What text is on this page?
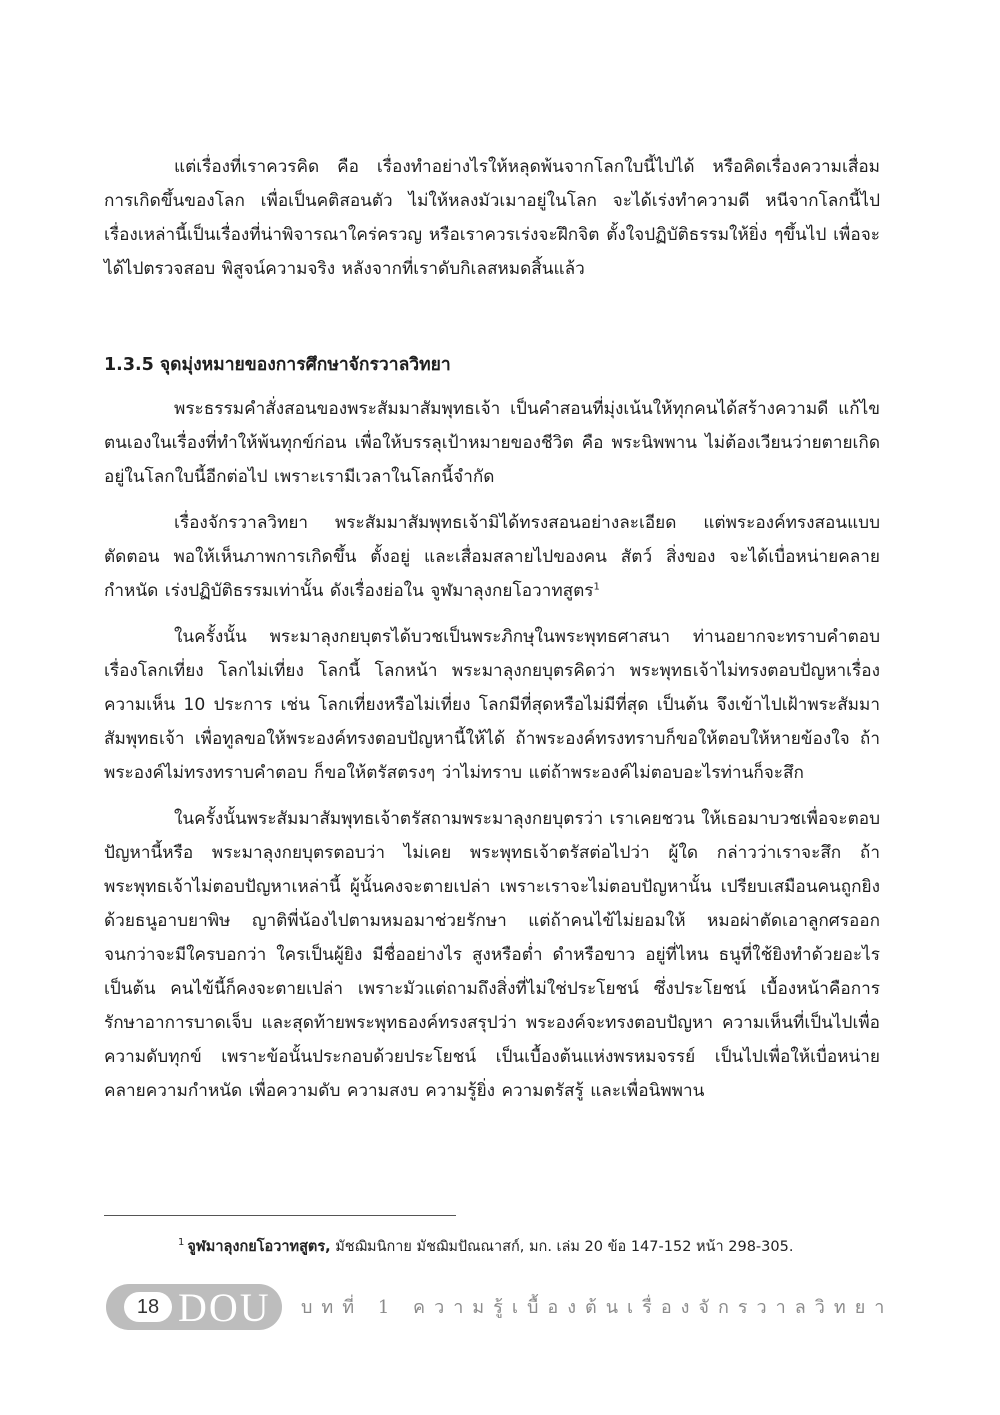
แต่เรื่องที่เราควรคิด คือ เรื่องทำอย่างไรให้หลุดพ้นจากโลกใบนี้ไปได้ หรือคิดเรื่องความเสื่อม การเกิดขึ้นของโลก เพื่อเป็นคติสอนตัว ไม่ให้หลงมัวเมาอยู่ในโลก จะได้เร่งทำความดี หนีจากโลกนี้ไป เรื่องเหล่านี้เป็นเรื่องที่น่าพิจารณาใคร่ครวญ หรือเราควรเร่งจะฝึกจิต ตั้งใจปฏิบัติธรรมให้ยิ่ง ๆขึ้นไป เพื่อจะได้ไปตรวจสอบ พิสูจน์ความจริง หลังจากที่เราดับกิเลสหมดสิ้นแล้ว

1.3.5 จุดมุ่งหมายของการศึกษาจักรวาลวิทยา

พระธรรมคำสั่งสอนของพระสัมมาสัมพุทธเจ้า เป็นคำสอนที่มุ่งเน้นให้ทุกคนได้สร้างความดี แก้ไขตนเองในเรื่องที่ทำให้พ้นทุกข์ก่อน เพื่อให้บรรลุเป้าหมายของชีวิต คือ พระนิพพาน ไม่ต้องเวียนว่ายตายเกิดอยู่ในโลกใบนี้อีกต่อไป เพราะเรามีเวลาในโลกนี้จำกัด

เรื่องจักรวาลวิทยา พระสัมมาสัมพุทธเจ้ามิได้ทรงสอนอย่างละเอียด แต่พระองค์ทรงสอนแบบตัดตอน พอให้เห็นภาพการเกิดขึ้น ตั้งอยู่ และเสื่อมสลายไปของคน สัตว์ สิ่งของ จะได้เบื่อหน่ายคลายกำหนัด เร่งปฏิบัติธรรมเท่านั้น ดังเรื่องย่อใน จูฬมาลุงกยโอวาทสูตร$^1$

ในครั้งนั้น พระมาลุงกยบุตรได้บวชเป็นพระภิกษุในพระพุทธศาสนา ท่านอยากจะทราบคำตอบ เรื่องโลกเที่ยง โลกไม่เที่ยง โลกนี้ โลกหน้า พระมาลุงกยบุตรคิดว่า พระพุทธเจ้าไม่ทรงตอบปัญหาเรื่องความเห็น 10 ประการ เช่น โลกเที่ยงหรือไม่เที่ยง โลกมีที่สุดหรือไม่มีที่สุด เป็นต้น จึงเข้าไปเฝ้าพระสัมมาสัมพุทธเจ้า เพื่อทูลขอให้พระองค์ทรงตอบปัญหานี้ให้ได้ ถ้าพระองค์ทรงทราบก็ขอให้ตอบให้หายข้องใจ ถ้าพระองค์ไม่ทรงทราบคำตอบ ก็ขอให้ตรัสตรงๆ ว่าไม่ทราบ แต่ถ้าพระองค์ไม่ตอบอะไรท่านก็จะสึก

ในครั้งนั้นพระสัมมาสัมพุทธเจ้าตรัสถามพระมาลุงกยบุตรว่า เราเคยชวน ให้เธอมาบวชเพื่อจะตอบปัญหานี้หรือ พระมาลุงกยบุตรตอบว่า ไม่เคย พระพุทธเจ้าตรัสต่อไปว่า ผู้ใด กล่าวว่าเราจะสึก ถ้าพระพุทธเจ้าไม่ตอบปัญหาเหล่านี้ ผู้นั้นคงจะตายเปล่า เพราะเราจะไม่ตอบปัญหานั้น เปรียบเสมือนคนถูกยิงด้วยธนูอาบยาพิษ ญาติพี่น้องไปตามหมอมาช่วยรักษา แต่ถ้าคนไข้ไม่ยอมให้ หมอผ่าตัดเอาลูกศรออกจนกว่าจะมีใครบอกว่า ใครเป็นผู้ยิง มีชื่ออย่างไร สูงหรือต่ำ ดำหรือขาว อยู่ที่ไหน ธนูที่ใช้ยิงทำด้วยอะไรเป็นต้น คนไข้นี้ก็คงจะตายเปล่า เพราะมัวแต่ถามถึงสิ่งที่ไม่ใช่ประโยชน์ ซึ่งประโยชน์ เบื้องหน้าคือการรักษาอาการบาดเจ็บ และสุดท้ายพระพุทธองค์ทรงสรุปว่า พระองค์จะทรงตอบปัญหา ความเห็นที่เป็นไปเพื่อความดับทุกข์ เพราะข้อนั้นประกอบด้วยประโยชน์ เป็นเบื้องต้นแห่งพรหมจรรย์ เป็นไปเพื่อให้เบื่อหน่ายคลายความกำหนัด เพื่อความดับ ความสงบ ความรู้ยิ่ง ความตรัสรู้ และเพื่อนิพพาน

$^1$ จูฬมาลุงกยโอวาทสูตร, มัชฌิมนิกาย มัชฌิมปัณณาสก์, มก. เล่ม 20 ข้อ 147-152 หน้า 298-305.
18 DOU บทที่ 1 ความรู้เบื้องต้นเรื่องจักรวาลวิทยา
